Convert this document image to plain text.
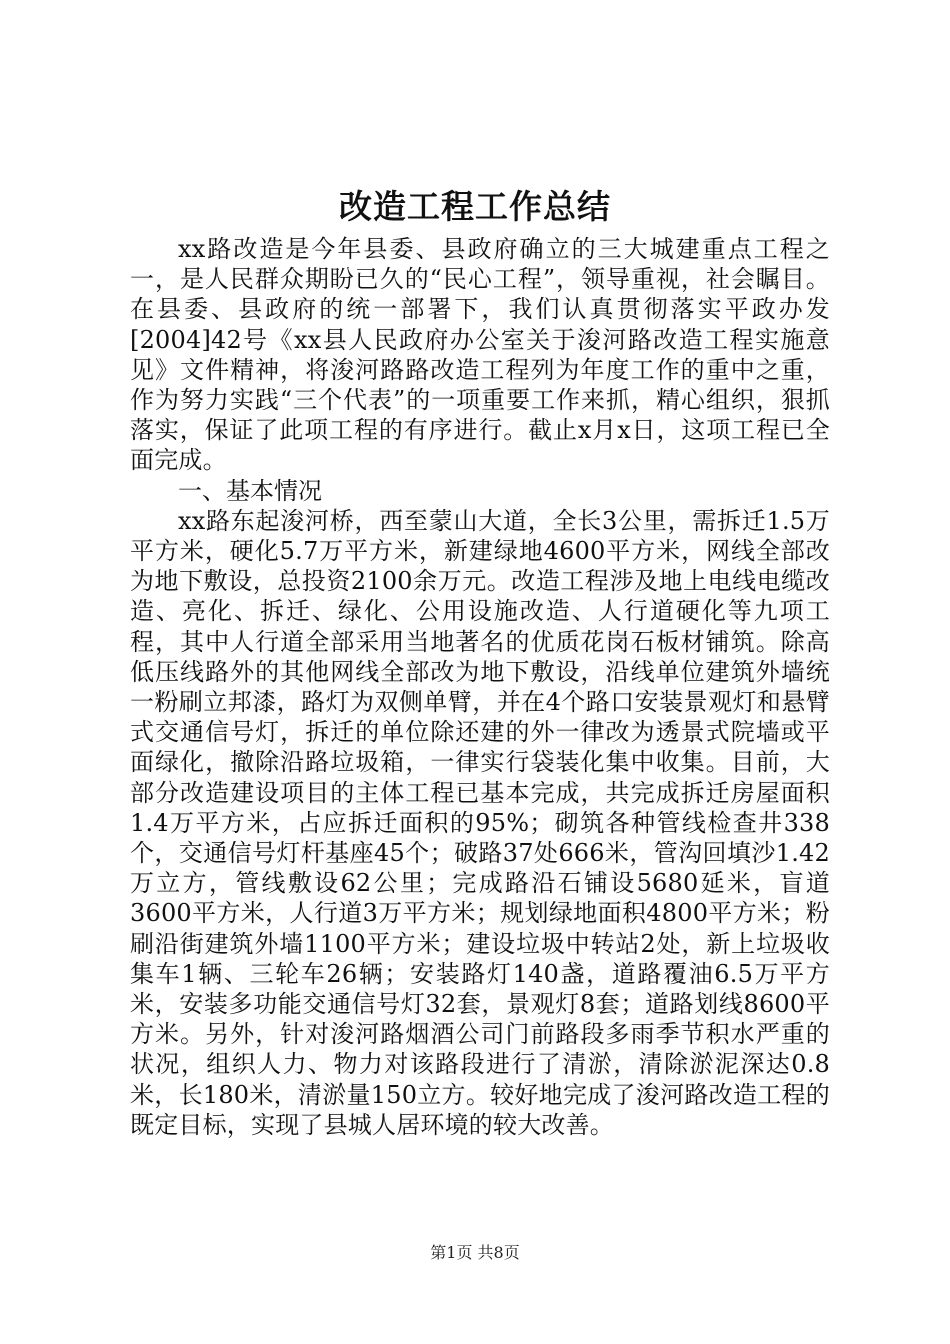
改造工程工作总结

xx路改造是今年县委、县政府确立的三大城建重点工程之一，是人民群众期盼已久的“民心工程”，领导重视，社会瞩目。在县委、县政府的统一部署下，我们认真贯彻落实平政办发[2004]42号《xx县人民政府办公室关于浚河路改造工程实施意见》文件精神，将浚河路路改造工程列为年度工作的重中之重，作为努力实践“三个代表”的一项重要工作来抓，精心组织，狠抓落实，保证了此项工程的有序进行。截止x月x日，这项工程已全面完成。

一、基本情况

xx路东起浚河桥，西至蒙山大道，全长3公里，需拆迁1.5万平方米，硬化5.7万平方米，新建绿地4600平方米，网线全部改为地下敷设，总投资2100余万元。改造工程涉及地上电线电缆改造、亮化、拆迁、绿化、公用设施改造、人行道硬化等九项工程，其中人行道全部采用当地著名的优质花岗石板材铺筑。除高低压线路外的其他网线全部改为地下敷设，沿线单位建筑外墙统一粉刷立邦漆，路灯为双侧单臂，并在4个路口安装景观灯和悬臂式交通信号灯，拆迁的单位除还建的外一律改为透景式院墙或平面绿化，撤除沿路垃圾箱，一律实行袋装化集中收集。目前，大部分改造建设项目的主体工程已基本完成，共完成拆迁房屋面积1.4万平方米，占应拆迁面积的95%；砌筑各种管线检查井338个，交通信号灯杆基座45个；破路37处666米，管沟回填沙1.42万立方，管线敷设62公里；完成路沿石铺设5680延米，盲道3600平方米，人行道3万平方米；规划绿地面积4800平方米；粉刷沿街建筑外墙1100平方米；建设垃圾中转站2处，新上垃圾收集车1辆、三轮车26辆；安装路灯140盏，道路覆油6.5万平方米，安装多功能交通信号灯32套，景观灯8套；道路划线8600平方米。另外，针对浚河路烟酒公司门前路段多雨季节积水严重的状况，组织人力、物力对该路段进行了清淤，清除淤泥深达0.8米，长180米，清淤量150立方。较好地完成了浚河路改造工程的既定目标，实现了县城人居环境的较大改善。

第1页 共8页
